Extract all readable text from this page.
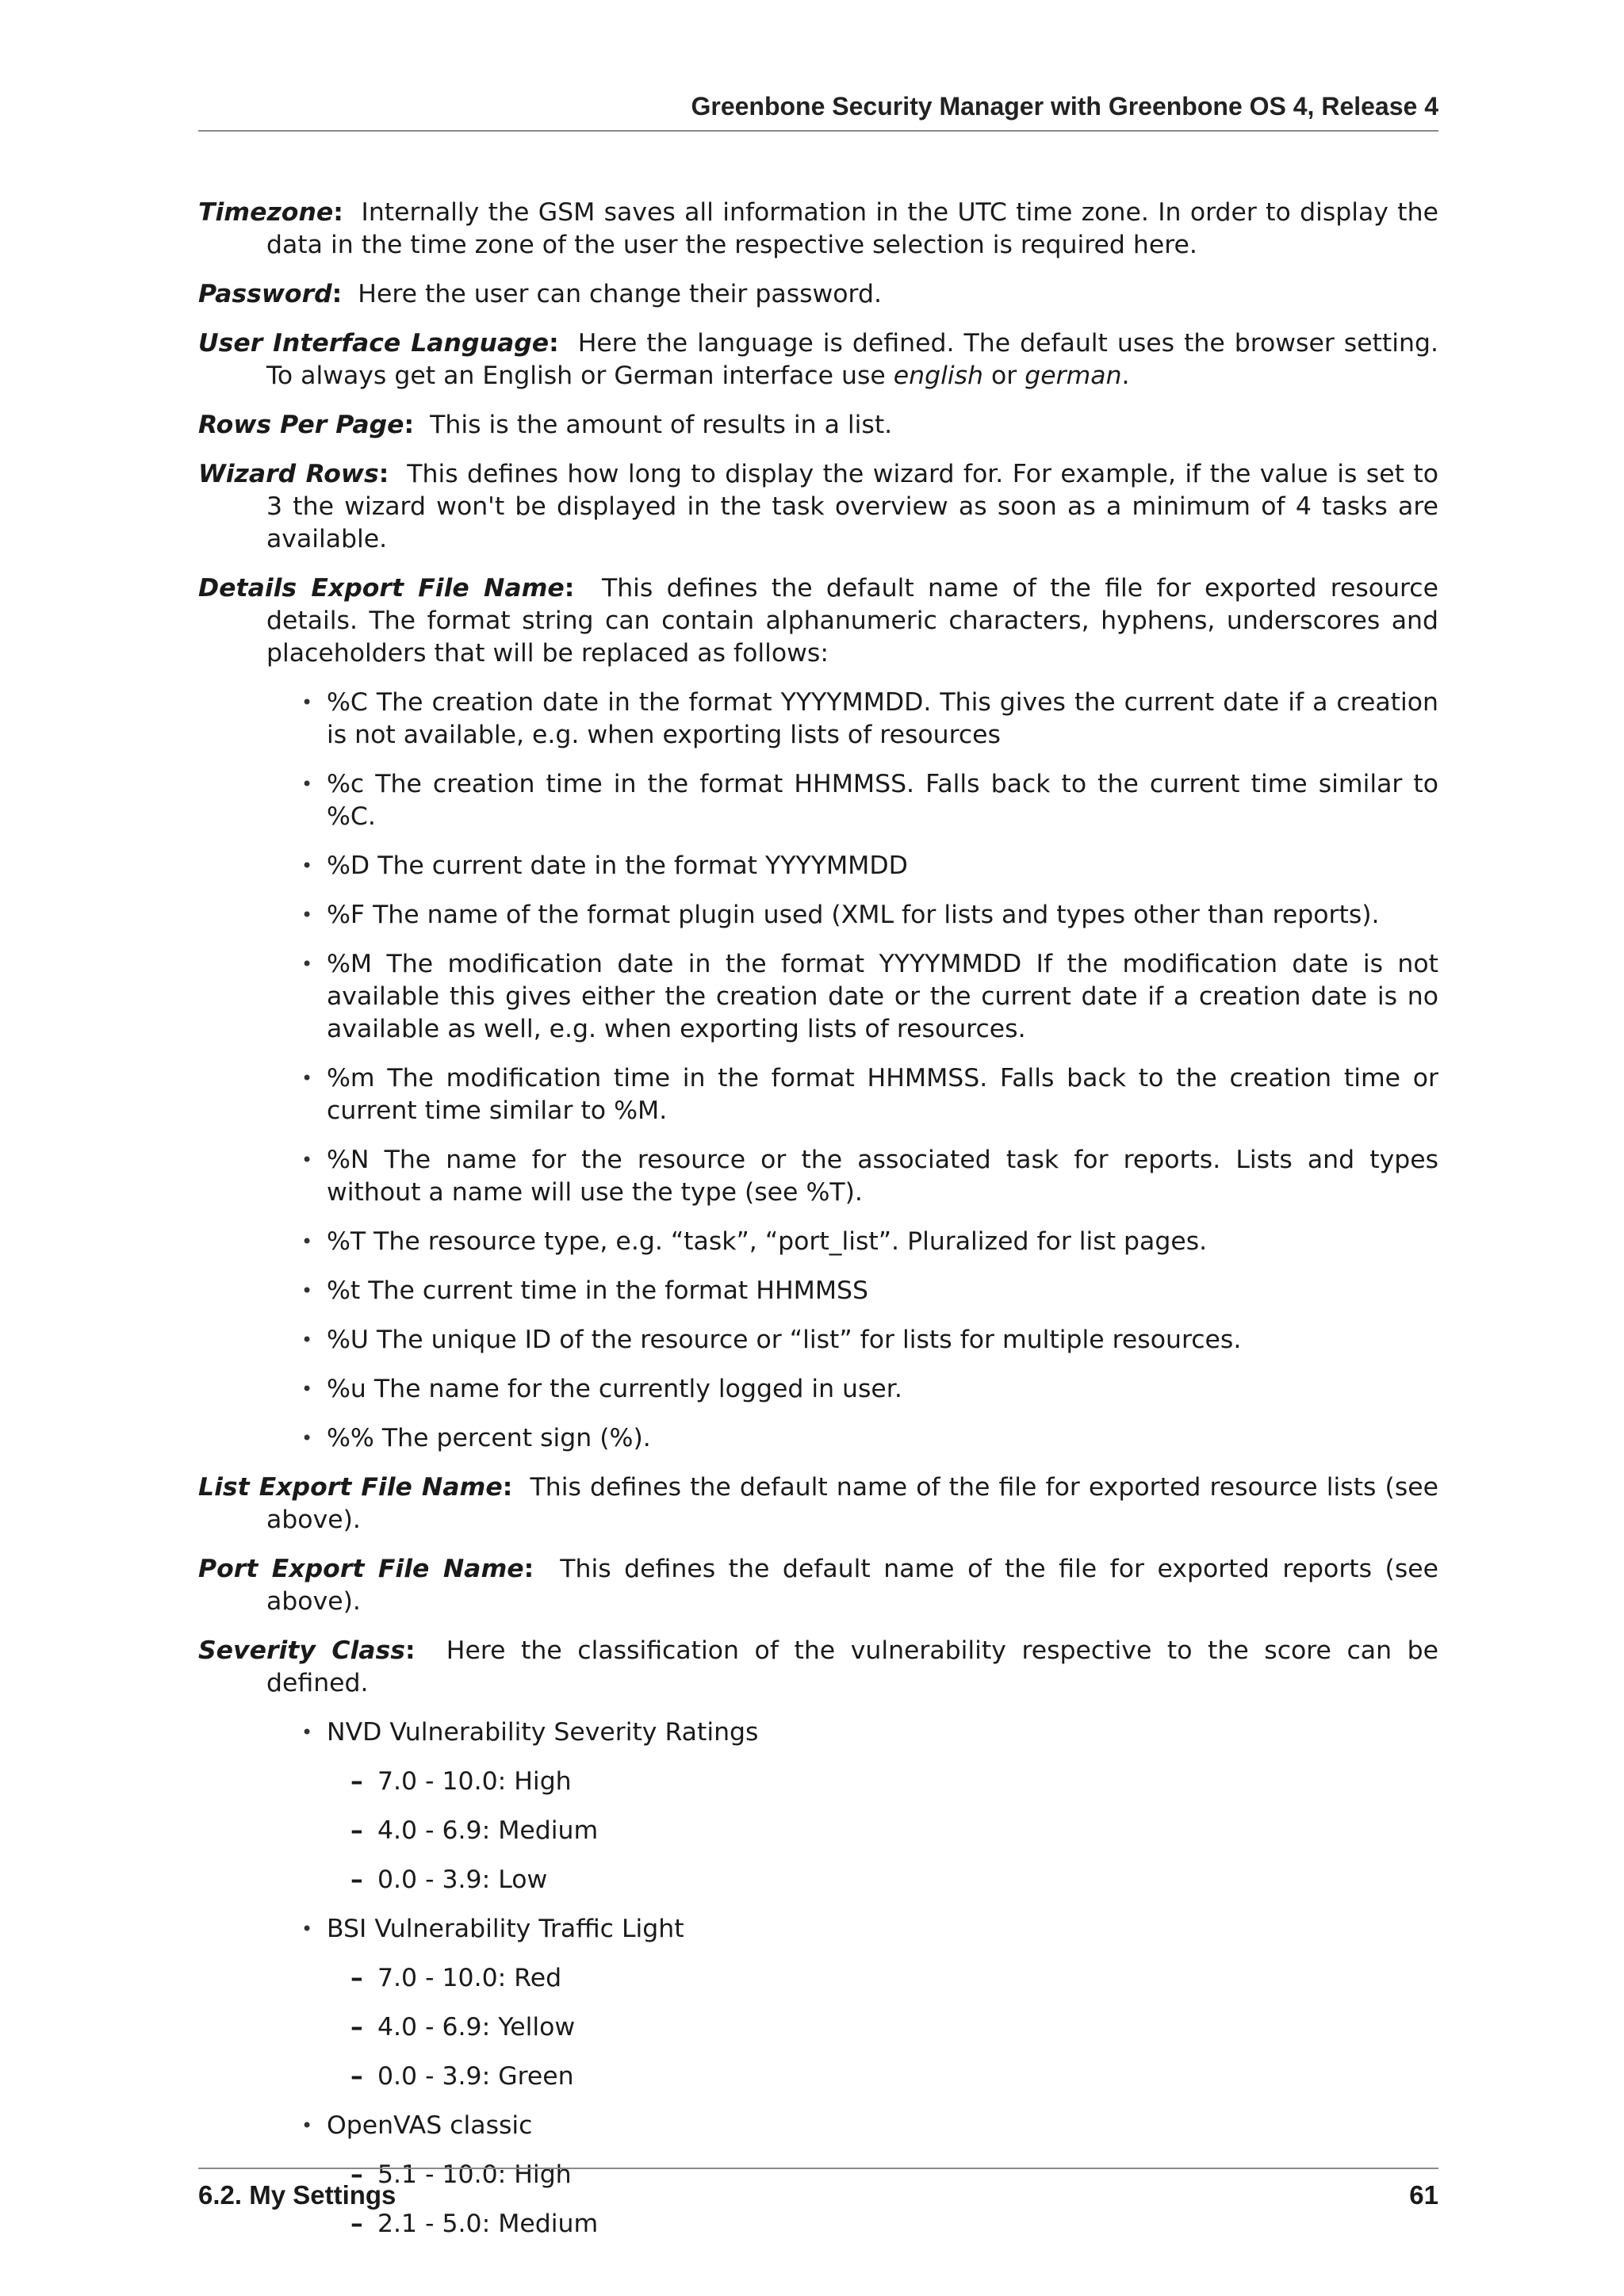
Greenbone Security Manager with Greenbone OS 4, Release 4

Timezone: Internally the GSM saves all information in the UTC time zone. In order to display the data in the time zone of the user the respective selection is required here.

Password: Here the user can change their password.

User Interface Language: Here the language is defined. The default uses the browser setting. To always get an English or German interface use english or german.

Rows Per Page: This is the amount of results in a list.

Wizard Rows: This defines how long to display the wizard for. For example, if the value is set to 3 the wizard won't be displayed in the task overview as soon as a minimum of 4 tasks are available.

Details Export File Name: This defines the default name of the file for exported resource details. The format string can contain alphanumeric characters, hyphens, underscores and placeholders that will be replaced as follows:

• %C The creation date in the format YYYYMMDD. This gives the current date if a creation is not available, e.g. when exporting lists of resources
• %c The creation time in the format HHMMSS. Falls back to the current time similar to %C.
• %D The current date in the format YYYYMMDD
• %F The name of the format plugin used (XML for lists and types other than reports).
• %M The modification date in the format YYYYMMDD If the modification date is not available this gives either the creation date or the current date if a creation date is no available as well, e.g. when exporting lists of resources.
• %m The modification time in the format HHMMSS. Falls back to the creation time or current time similar to %M.
• %N The name for the resource or the associated task for reports. Lists and types without a name will use the type (see %T).
• %T The resource type, e.g. “task”, “port_list”. Pluralized for list pages.
• %t The current time in the format HHMMSS
• %U The unique ID of the resource or “list” for lists for multiple resources.
• %u The name for the currently logged in user.
• %% The percent sign (%).

List Export File Name: This defines the default name of the file for exported resource lists (see above).

Port Export File Name: This defines the default name of the file for exported reports (see above).

Severity Class: Here the classification of the vulnerability respective to the score can be defined.

• NVD Vulnerability Severity Ratings
– 7.0 - 10.0: High
– 4.0 - 6.9: Medium
– 0.0 - 3.9: Low
• BSI Vulnerability Traffic Light
– 7.0 - 10.0: Red
– 4.0 - 6.9: Yellow
– 0.0 - 3.9: Green
• OpenVAS classic
– 5.1 - 10.0: High
– 2.1 - 5.0: Medium
6.2. My Settings	61
